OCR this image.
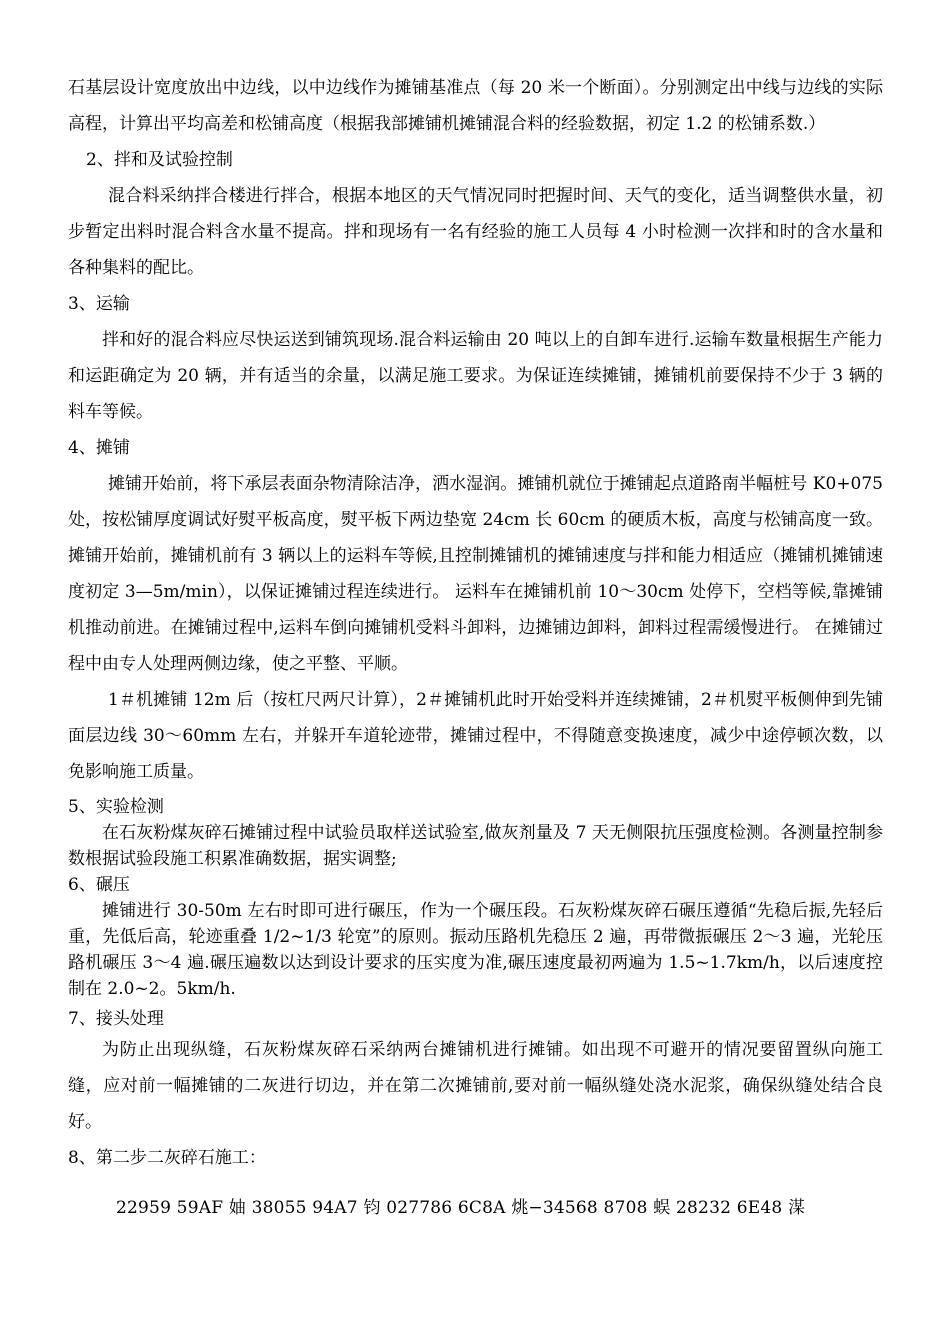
石基层设计宽度放出中边线，以中边线作为摊铺基准点（每 20 米一个断面）。分别测定出中线与边线的实际高程，计算出平均高差和松铺高度（根据我部摊铺机摊铺混合料的经验数据，初定 1.2 的松铺系数.）

2、拌和及试验控制

混合料采纳拌合楼进行拌合，根据本地区的天气情况同时把握时间、天气的变化，适当调整供水量，初步暂定出料时混合料含水量不提高。拌和现场有一名有经验的施工人员每 4 小时检测一次拌和时的含水量和各种集料的配比。

3、运输

拌和好的混合料应尽快运送到铺筑现场.混合料运输由 20 吨以上的自卸车进行.运输车数量根据生产能力和运距确定为 20 辆，并有适当的余量，以满足施工要求。为保证连续摊铺，摊铺机前要保持不少于 3 辆的料车等候。

4、摊铺

摊铺开始前，将下承层表面杂物清除洁净，洒水湿润。摊铺机就位于摊铺起点道路南半幅桩号 K0+075 处，按松铺厚度调试好熨平板高度，熨平板下两边垫宽 24cm 长 60cm 的硬质木板，高度与松铺高度一致。摊铺开始前，摊铺机前有 3 辆以上的运料车等候,且控制摊铺机的摊铺速度与拌和能力相适应（摊铺机摊铺速度初定 3—5m/min），以保证摊铺过程连续进行。 运料车在摊铺机前 10～30cm 处停下，空档等候,靠摊铺机推动前进。在摊铺过程中,运料车倒向摊铺机受料斗卸料，边摊铺边卸料，卸料过程需缓慢进行。 在摊铺过程中由专人处理两侧边缘，使之平整、平顺。

1＃机摊铺 12m 后（按杠尺两尺计算），2＃摊铺机此时开始受料并连续摊铺，2＃机熨平板侧伸到先铺面层边线 30～60mm 左右，并躲开车道轮迹带，摊铺过程中，不得随意变换速度，减少中途停顿次数，以免影响施工质量。

5、实验检测

在石灰粉煤灰碎石摊铺过程中试验员取样送试验室,做灰剂量及 7 天无侧限抗压强度检测。各测量控制参数根据试验段施工积累准确数据，据实调整;

6、碾压

摊铺进行 30-50m 左右时即可进行碾压，作为一个碾压段。石灰粉煤灰碎石碾压遵循“先稳后振,先轻后重，先低后高，轮迹重叠 1/2~1/3 轮宽”的原则。振动压路机先稳压 2 遍，再带微振碾压 2～3 遍，光轮压路机碾压 3～4 遍.碾压遍数以达到设计要求的压实度为准,碾压速度最初两遍为 1.5~1.7km/h，以后速度控制在 2.0~2。5km/h.

7、接头处理

为防止出现纵缝，石灰粉煤灰碎石采纳两台摊铺机进行摊铺。如出现不可避开的情况要留置纵向施工缝，应对前一幅摊铺的二灰进行切边，并在第二次摊铺前,要对前一幅纵缝处浇水泥浆，确保纵缝处结合良好。

8、第二步二灰碎石施工：

22959 59AF 妯 38055 94A7 钧 027786 6C8A 烑−34568 8708 蜈 28232 6E48 湈
